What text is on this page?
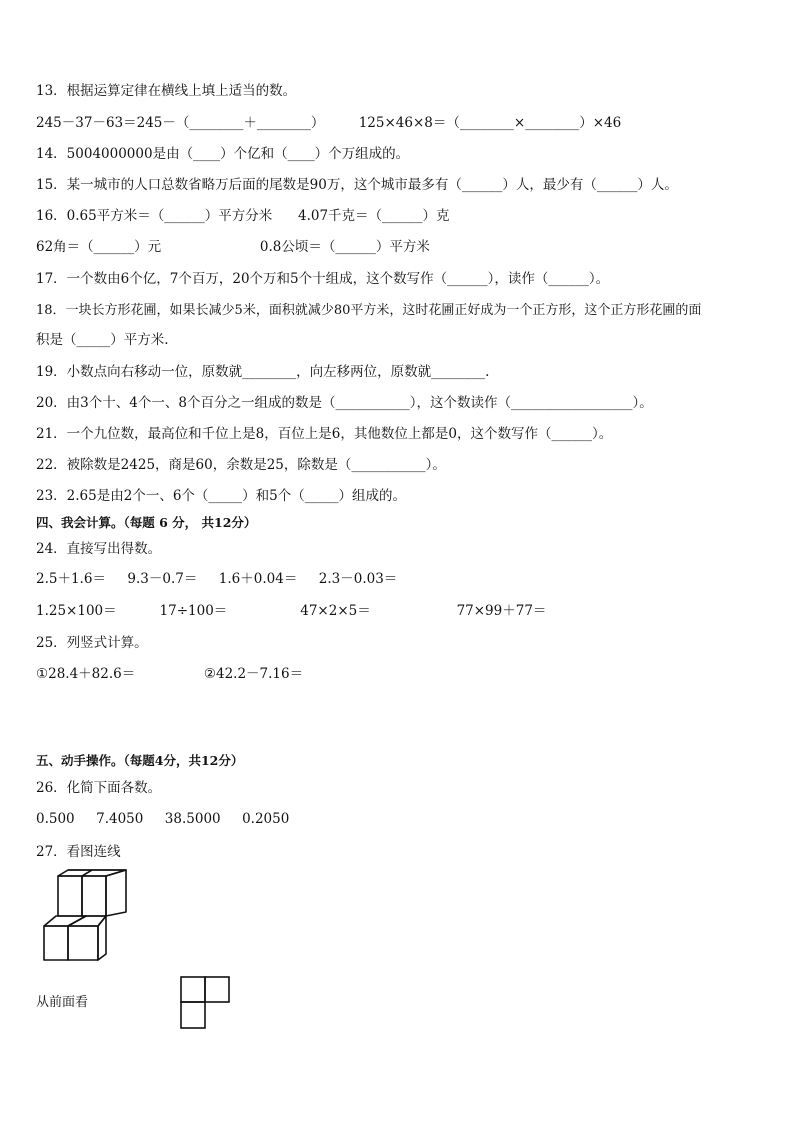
13．根据运算定律在横线上填上适当的数。
245－37－63＝245－（________＋________）        125×46×8＝（________×________）×46
14．5004000000是由（____）个亿和（____）个万组成的。
15．某一城市的人口总数省略万后面的尾数是90万，这个城市最多有（______）人，最少有（______）人。
16．0.65平方米＝（______）平方分米      4.07千克＝（______）克
62角＝（______）元                       0.8公顷＝（______）平方米
17．一个数由6个亿，7个百万，20个万和5个十组成，这个数写作（______），读作（______）。
18．一块长方形花圃，如果长减少5米，面积就减少80平方米，这时花圃正好成为一个正方形，这个正方形花圃的面
积是（_____）平方米.
19．小数点向右移动一位，原数就________，向左移两位，原数就________.
20．由3个十、4个一、8个百分之一组成的数是（___________），这个数读作（__________________）。
21．一个九位数，最高位和千位上是8，百位上是6，其他数位上都是0，这个数写作（______）。
22．被除数是2425，商是60，余数是25，除数是（___________）。
23．2.65是由2个一、6个（_____）和5个（_____）组成的。
四、我会计算。（每题 6 分， 共12分）
24．直接写出得数。
2.5＋1.6＝     9.3－0.7＝     1.6＋0.04＝     2.3－0.03＝
1.25×100＝          17÷100＝                 47×2×5＝                    77×99＋77＝
25．列竖式计算。
①28.4＋82.6＝                ②42.2－7.16＝
五、动手操作。（每题4分，共12分）
26．化简下面各数。
0.500     7.4050     38.5000     0.2050
27．看图连线
从前面看
